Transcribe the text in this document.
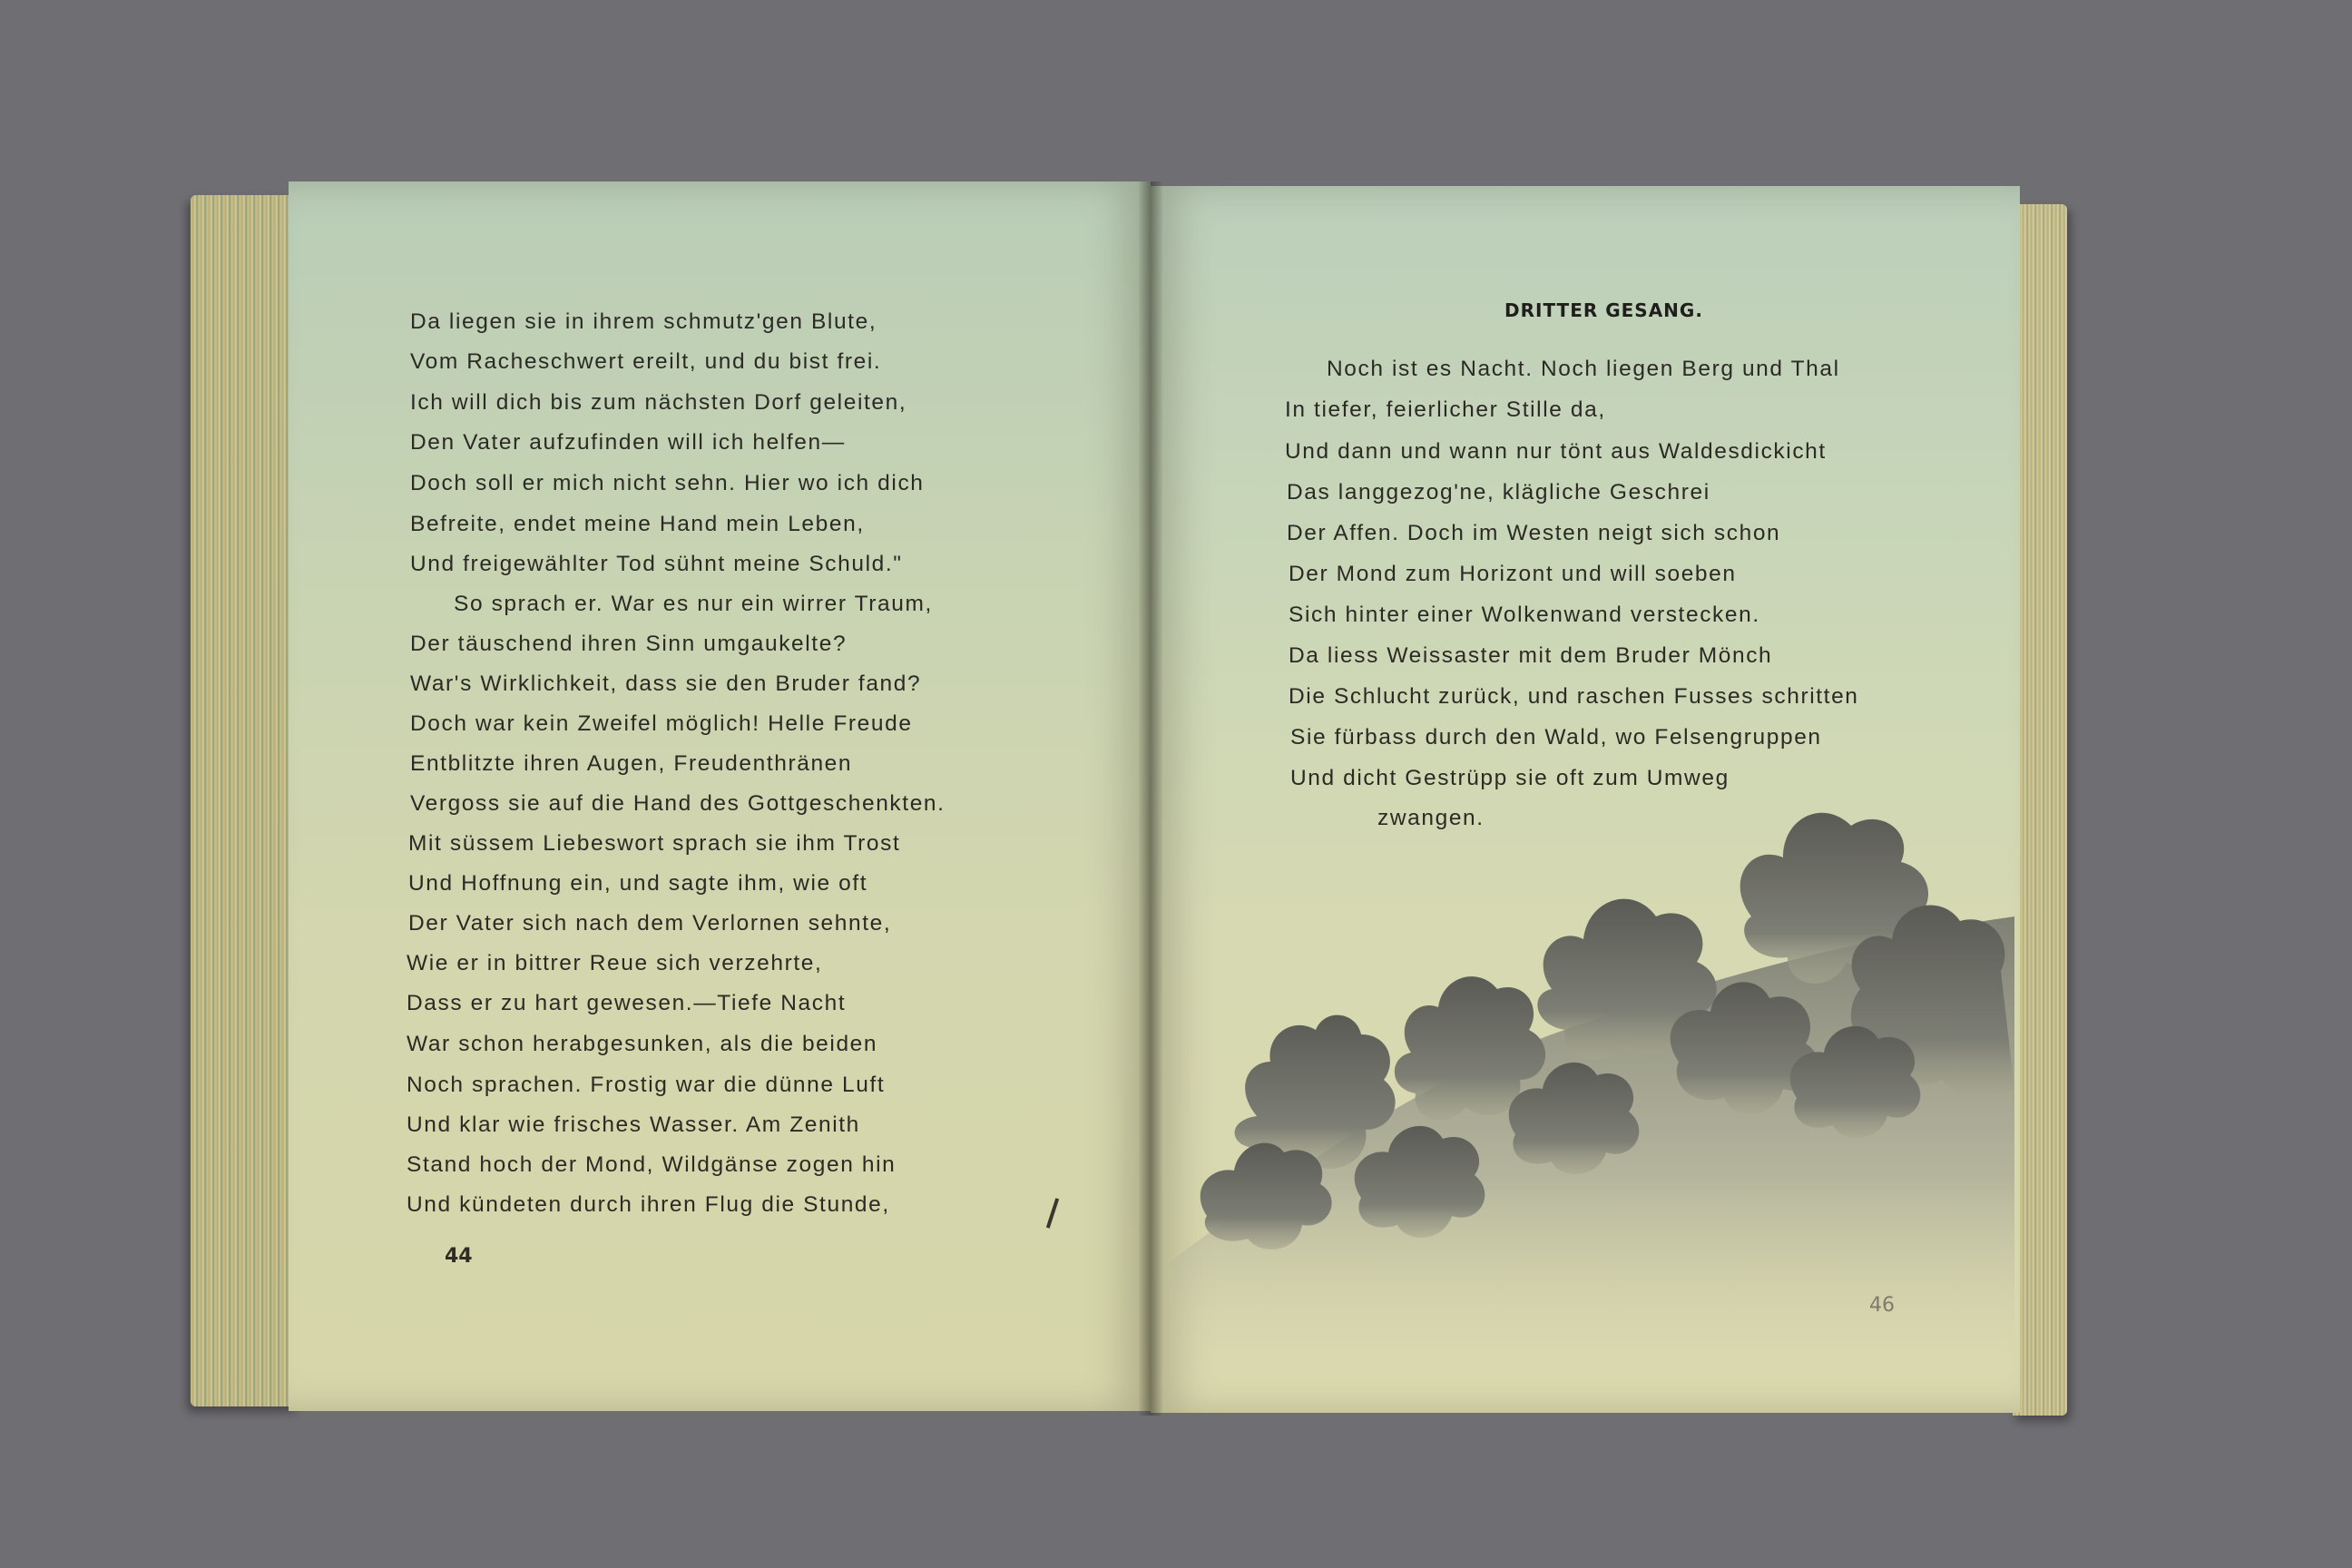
Da liegen sie in ihrem schmutz'gen Blute,
Vom Racheschwert ereilt, und du bist frei.
Ich will dich bis zum nächsten Dorf geleiten,
Den Vater aufzufinden will ich helfen—
Doch soll er mich nicht sehn. Hier wo ich dich
Befreite, endet meine Hand mein Leben,
Und freigewählter Tod sühnt meine Schuld."
So sprach er. War es nur ein wirrer Traum,
Der täuschend ihren Sinn umgaukelte?
War's Wirklichkeit, dass sie den Bruder fand?
Doch war kein Zweifel möglich! Helle Freude
Entblitzte ihren Augen, Freudenthränen
Vergoss sie auf die Hand des Gottgeschenkten.
Mit süssem Liebeswort sprach sie ihm Trost
Und Hoffnung ein, und sagte ihm, wie oft
Der Vater sich nach dem Verlornen sehnte,
Wie er in bittrer Reue sich verzehrte,
Dass er zu hart gewesen.—Tiefe Nacht
War schon herabgesunken, als die beiden
Noch sprachen. Frostig war die dünne Luft
Und klar wie frisches Wasser. Am Zenith
Stand hoch der Mond, Wildgänse zogen hin
Und kündeten durch ihren Flug die Stunde,
44
DRITTER GESANG.
Noch ist es Nacht. Noch liegen Berg und Thal
In tiefer, feierlicher Stille da,
Und dann und wann nur tönt aus Waldesdickicht
Das langgezog'ne, klägliche Geschrei
Der Affen. Doch im Westen neigt sich schon
Der Mond zum Horizont und will soeben
Sich hinter einer Wolkenwand verstecken.
Da liess Weissaster mit dem Bruder Mönch
Die Schlucht zurück, und raschen Fusses schritten
Sie fürbass durch den Wald, wo Felsengruppen
Und dicht Gestrüpp sie oft zum Umweg
zwangen.
46
